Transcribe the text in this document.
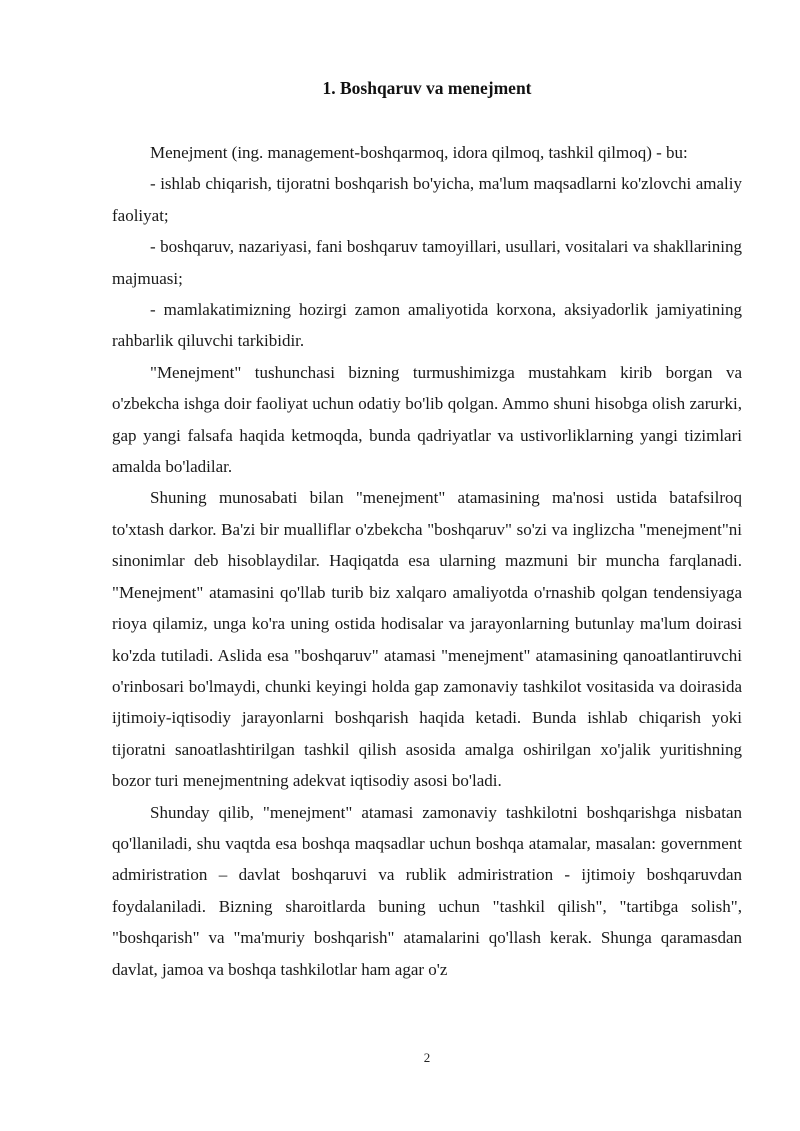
1. Boshqaruv va menejment

Menejment (ing. management-boshqarmoq, idora qilmoq, tashkil qilmoq) - bu:

- ishlab chiqarish, tijoratni boshqarish bo'yicha, ma'lum maqsadlarni ko'zlovchi amaliy faoliyat;

- boshqaruv, nazariyasi, fani boshqaruv tamoyillari, usullari, vositalari va shakllarining majmuasi;

- mamlakatimizning hozirgi zamon amaliyotida korxona, aksiyadorlik jamiyatining rahbarlik qiluvchi tarkibidir.

"Menejment" tushunchasi bizning turmushimizga mustahkam kirib borgan va o'zbekcha ishga doir faoliyat uchun odatiy bo'lib qolgan. Ammo shuni hisobga olish zarurki, gap yangi falsafa haqida ketmoqda, bunda qadriyatlar va ustivorliklarning yangi tizimlari amalda bo'ladilar.

Shuning munosabati bilan "menejment" atamasining ma'nosi ustida batafsilroq to'xtash darkor. Ba'zi bir mualliflar o'zbekcha "boshqaruv" so'zi va inglizcha "menejment"ni sinonimlar deb hisoblaydilar. Haqiqatda esa ularning mazmuni bir muncha farqlanadi. "Menejment" atamasini qo'llab turib biz xalqaro amaliyotda o'rnashib qolgan tendensiyaga rioya qilamiz, unga ko'ra uning ostida hodisalar va jarayonlarning butunlay ma'lum doirasi ko'zda tutiladi. Aslida esa "boshqaruv" atamasi "menejment" atamasining qanoatlantiruvchi o'rinbosari bo'lmaydi, chunki keyingi holda gap zamonaviy tashkilot vositasida va doirasida ijtimoiy-iqtisodiy jarayonlarni boshqarish haqida ketadi. Bunda ishlab chiqarish yoki tijoratni sanoatlashtirilgan tashkil qilish asosida amalga oshirilgan xo'jalik yuritishning bozor turi menejmentning adekvat iqtisodiy asosi bo'ladi.

Shunday qilib, "menejment" atamasi zamonaviy tashkilotni boshqarishga nisbatan qo'llaniladi, shu vaqtda esa boshqa maqsadlar uchun boshqa atamalar, masalan: government admiristration – davlat boshqaruvi va rublik admiristration - ijtimoiy boshqaruvdan foydalaniladi. Bizning sharoitlarda buning uchun "tashkil qilish", "tartibga solish", "boshqarish" va "ma'muriy boshqarish" atamalarini qo'llash kerak. Shunga qaramasdan davlat, jamoa va boshqa tashkilotlar ham agar o'z

2
